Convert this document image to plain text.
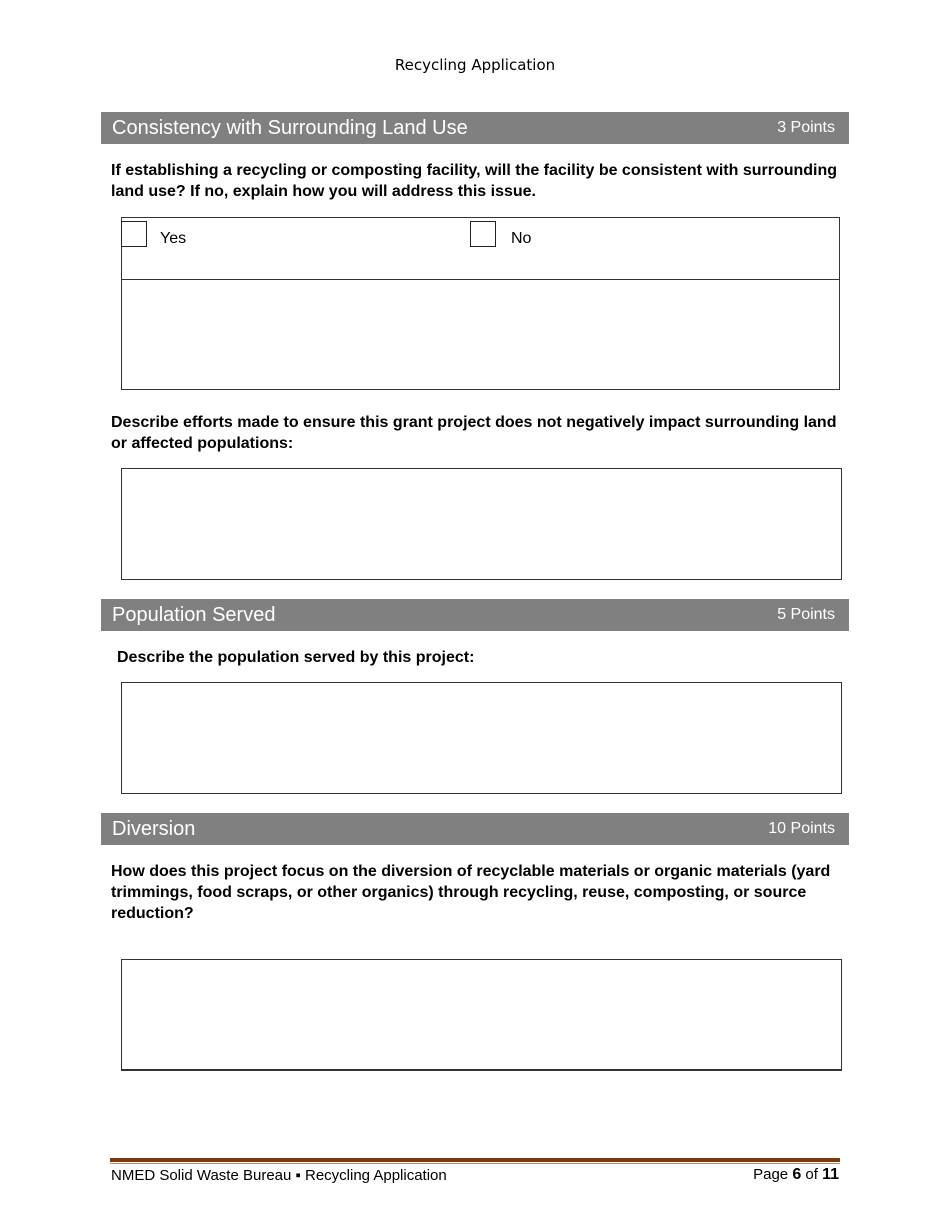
Recycling Application
Consistency with Surrounding Land Use	3 Points
If establishing a recycling or composting facility, will the facility be consistent with surrounding land use? If no, explain how you will address this issue.
Yes	No
Describe efforts made to ensure this grant project does not negatively impact surrounding land or affected populations:
Population Served	5 Points
Describe the population served by this project:
Diversion	10 Points
How does this project focus on the diversion of recyclable materials or organic materials (yard trimmings, food scraps, or other organics) through recycling, reuse, composting, or source reduction?
NMED Solid Waste Bureau ▪ Recycling Application	Page 6 of 11
